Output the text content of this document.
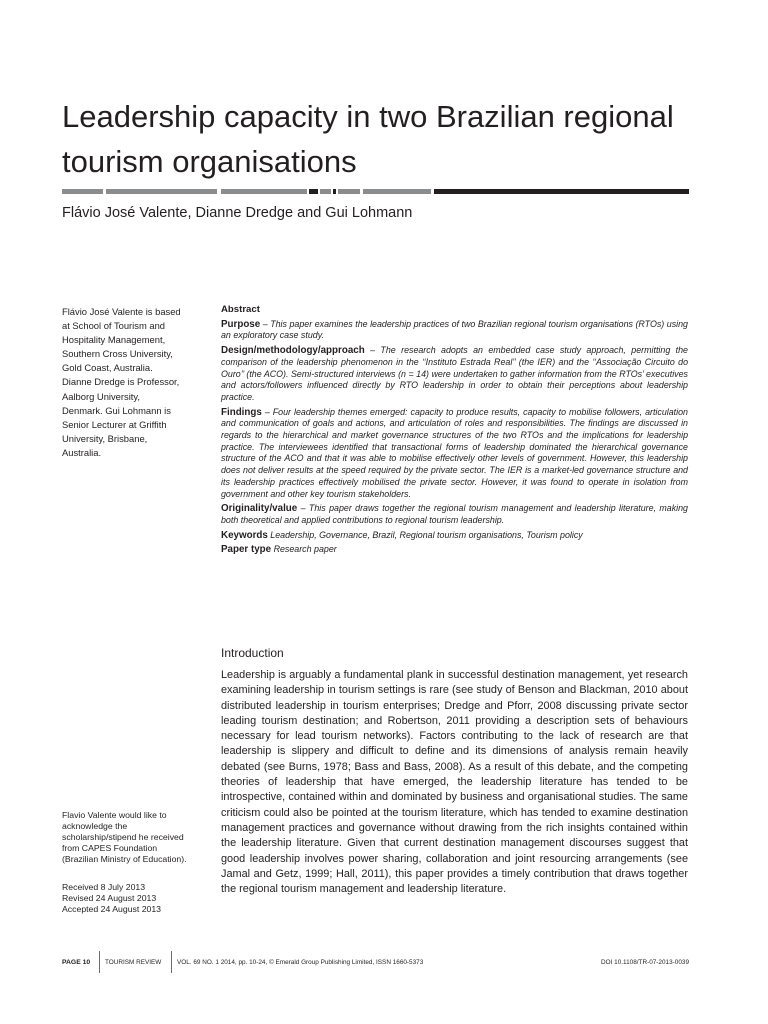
Leadership capacity in two Brazilian regional tourism organisations
Flávio José Valente, Dianne Dredge and Gui Lohmann
Flávio José Valente is based at School of Tourism and Hospitality Management, Southern Cross University, Gold Coast, Australia. Dianne Dredge is Professor, Aalborg University, Denmark. Gui Lohmann is Senior Lecturer at Griffith University, Brisbane, Australia.
Abstract

Purpose – This paper examines the leadership practices of two Brazilian regional tourism organisations (RTOs) using an exploratory case study.

Design/methodology/approach – The research adopts an embedded case study approach, permitting the comparison of the leadership phenomenon in the ‘‘Instituto Estrada Real’’ (the IER) and the ‘‘Associação Circuito do Ouro’’ (the ACO). Semi-structured interviews (n = 14) were undertaken to gather information from the RTOs’ executives and actors/followers influenced directly by RTO leadership in order to obtain their perceptions about leadership practice.

Findings – Four leadership themes emerged: capacity to produce results, capacity to mobilise followers, articulation and communication of goals and actions, and articulation of roles and responsibilities. The findings are discussed in regards to the hierarchical and market governance structures of the two RTOs and the implications for leadership practice. The interviewees identified that transactional forms of leadership dominated the hierarchical governance structure of the ACO and that it was able to mobilise effectively other levels of government. However, this leadership does not deliver results at the speed required by the private sector. The IER is a market-led governance structure and its leadership practices effectively mobilised the private sector. However, it was found to operate in isolation from government and other key tourism stakeholders.

Originality/value – This paper draws together the regional tourism management and leadership literature, making both theoretical and applied contributions to regional tourism leadership.

Keywords Leadership, Governance, Brazil, Regional tourism organisations, Tourism policy

Paper type Research paper

Introduction

Leadership is arguably a fundamental plank in successful destination management, yet research examining leadership in tourism settings is rare (see study of Benson and Blackman, 2010 about distributed leadership in tourism enterprises; Dredge and Pforr, 2008 discussing private sector leading tourism destination; and Robertson, 2011 providing a description sets of behaviours necessary for lead tourism networks). Factors contributing to the lack of research are that leadership is slippery and difficult to define and its dimensions of analysis remain heavily debated (see Burns, 1978; Bass and Bass, 2008). As a result of this debate, and the competing theories of leadership that have emerged, the leadership literature has tended to be introspective, contained within and dominated by business and organisational studies. The same criticism could also be pointed at the tourism literature, which has tended to examine destination management practices and governance without drawing from the rich insights contained within the leadership literature. Given that current destination management discourses suggest that good leadership involves power sharing, collaboration and joint resourcing arrangements (see Jamal and Getz, 1999; Hall, 2011), this paper provides a timely contribution that draws together the regional tourism management and leadership literature.

Flavio Valente would like to acknowledge the scholarship/stipend he received from CAPES Foundation (Brazilian Ministry of Education).

Received 8 July 2013
Revised 24 August 2013
Accepted 24 August 2013
PAGE 10 TOURISM REVIEW VOL. 69 NO. 1 2014, pp. 10-24, © Emerald Group Publishing Limited, ISSN 1660-5373	DOI 10.1108/TR-07-2013-0039
